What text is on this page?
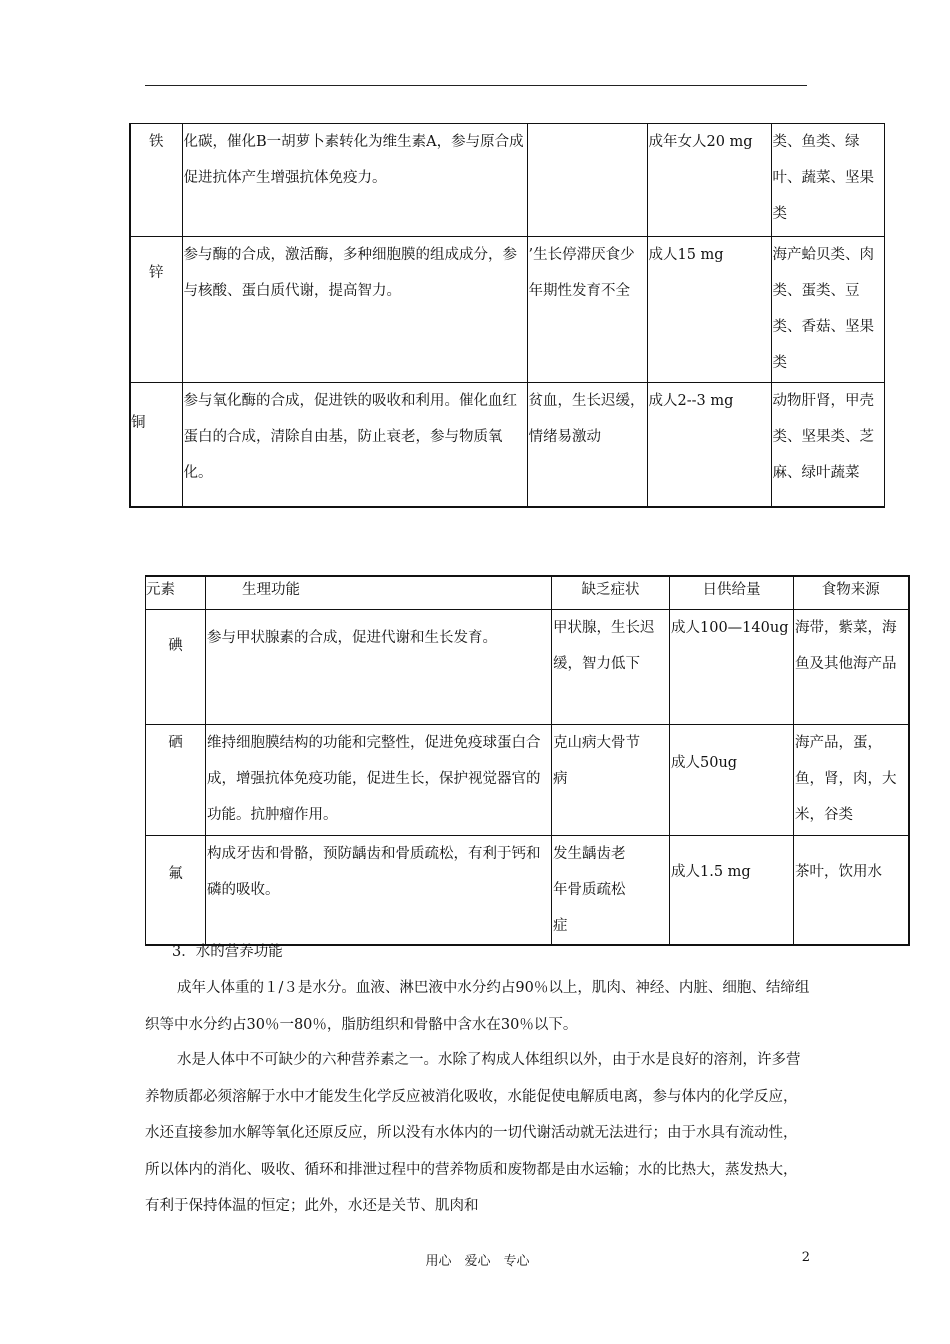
铁	化碳，催化B一胡萝卜素转化为维生素A，参与原合成促进抗体产生增强抗体免疫力。		成年女人20 mg	类、鱼类、绿叶、蔬菜、坚果类
锌	参与酶的合成，激活酶，多种细胞膜的组成成分，参与核酸、蛋白质代谢，提高智力。	’生长停滞厌食少年期性发育不全	成人15 mg	海产蛤贝类、肉类、蛋类、豆类、香菇、坚果类
铜	参与氧化酶的合成，促进铁的吸收和利用。催化血红蛋白的合成，清除自由基，防止衰老，参与物质氧化。	贫血，生长迟缓，情绪易激动	成人2--3 mg	动物肝肾，甲壳类、坚果类、芝麻、绿叶蔬菜
元素	生理功能	缺乏症状	日供给量	食物来源
碘	参与甲状腺素的合成，促进代谢和生长发育。	甲状腺，生长迟缓，智力低下	成人100—140ug	海带，紫菜，海鱼及其他海产品
硒	维持细胞膜结构的功能和完整性，促进免疫球蛋白合成，增强抗体免疫功能，促进生长，保护视觉器官的功能。抗肿瘤作用。	克山病大骨节病	成人50ug	海产品，蛋，鱼，肾，肉，大米，谷类
氟	构成牙齿和骨骼，预防龋齿和骨质疏松，有利于钙和磷的吸收。	发生龋齿老年骨质疏松症	成人1.5 mg	茶叶，饮用水
3．水的营养功能
成年人体重的１/３是水分。血液、淋巴液中水分约占90％以上，肌肉、神经、内脏、细胞、结缔组织等中水分约占30％一80％，脂肪组织和骨骼中含水在30％以下。
水是人体中不可缺少的六种营养素之一。水除了构成人体组织以外，由于水是良好的溶剂，许多营养物质都必须溶解于水中才能发生化学反应被消化吸收，水能促使电解质电离，参与体内的化学反应，水还直接参加水解等氧化还原反应，所以没有水体内的一切代谢活动就无法进行；由于水具有流动性，所以体内的消化、吸收、循环和排泄过程中的营养物质和废物都是由水运输；水的比热大，蒸发热大，有利于保持体温的恒定；此外，水还是关节、肌肉和
用心　爱心　专心	2
